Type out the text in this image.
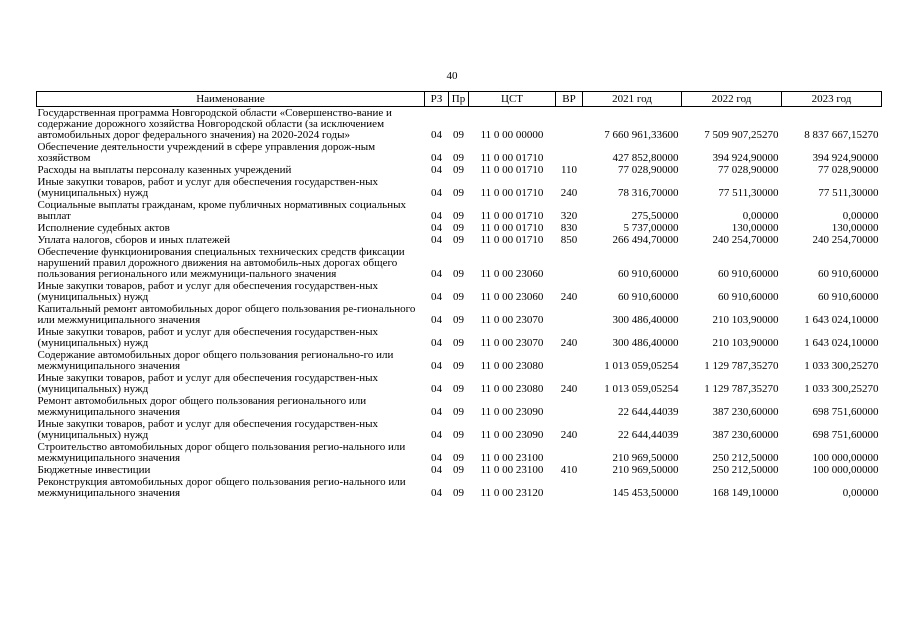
40
Наименование	РЗ	Пр	ЦСТ	ВР	2021 год	2022 год	2023 год
Государственная программа Новгородской области «Совершенство-вание и содержание дорожного хозяйства Новгородской области (за исключением автомобильных дорог федерального значения) на 2020-2024 годы»	04	09	11 0 00 00000		7 660 961,33600	7 509 907,25270	8 837 667,15270
Обеспечение деятельности учреждений в сфере управления дорож-ным хозяйством	04	09	11 0 00 01710		427 852,80000	394 924,90000	394 924,90000
Расходы на выплаты персоналу казенных учреждений	04	09	11 0 00 01710	110	77 028,90000	77 028,90000	77 028,90000
Иные закупки товаров, работ и услуг для обеспечения государствен-ных (муниципальных) нужд	04	09	11 0 00 01710	240	78 316,70000	77 511,30000	77 511,30000
Социальные выплаты гражданам, кроме публичных нормативных социальных выплат	04	09	11 0 00 01710	320	275,50000	0,00000	0,00000
Исполнение судебных актов	04	09	11 0 00 01710	830	5 737,00000	130,00000	130,00000
Уплата налогов, сборов и иных платежей	04	09	11 0 00 01710	850	266 494,70000	240 254,70000	240 254,70000
Обеспечение функционирования специальных технических средств фиксации нарушений правил дорожного движения на автомобиль-ных дорогах общего пользования регионального или межмуници-пального значения	04	09	11 0 00 23060		60 910,60000	60 910,60000	60 910,60000
Иные закупки товаров, работ и услуг для обеспечения государствен-ных (муниципальных) нужд	04	09	11 0 00 23060	240	60 910,60000	60 910,60000	60 910,60000
Капитальный ремонт автомобильных дорог общего пользования ре-гионального или межмуниципального значения	04	09	11 0 00 23070		300 486,40000	210 103,90000	1 643 024,10000
Иные закупки товаров, работ и услуг для обеспечения государствен-ных (муниципальных) нужд	04	09	11 0 00 23070	240	300 486,40000	210 103,90000	1 643 024,10000
Содержание автомобильных дорог общего пользования регионально-го или межмуниципального значения	04	09	11 0 00 23080		1 013 059,05254	1 129 787,35270	1 033 300,25270
Иные закупки товаров, работ и услуг для обеспечения государствен-ных (муниципальных) нужд	04	09	11 0 00 23080	240	1 013 059,05254	1 129 787,35270	1 033 300,25270
Ремонт автомобильных дорог общего пользования регионального или межмуниципального значения	04	09	11 0 00 23090		22 644,44039	387 230,60000	698 751,60000
Иные закупки товаров, работ и услуг для обеспечения государствен-ных (муниципальных) нужд	04	09	11 0 00 23090	240	22 644,44039	387 230,60000	698 751,60000
Строительство автомобильных дорог общего пользования регио-нального или межмуниципального значения	04	09	11 0 00 23100		210 969,50000	250 212,50000	100 000,00000
Бюджетные инвестиции	04	09	11 0 00 23100	410	210 969,50000	250 212,50000	100 000,00000
Реконструкция автомобильных дорог общего пользования регио-нального или межмуниципального значения	04	09	11 0 00 23120		145 453,50000	168 149,10000	0,00000
